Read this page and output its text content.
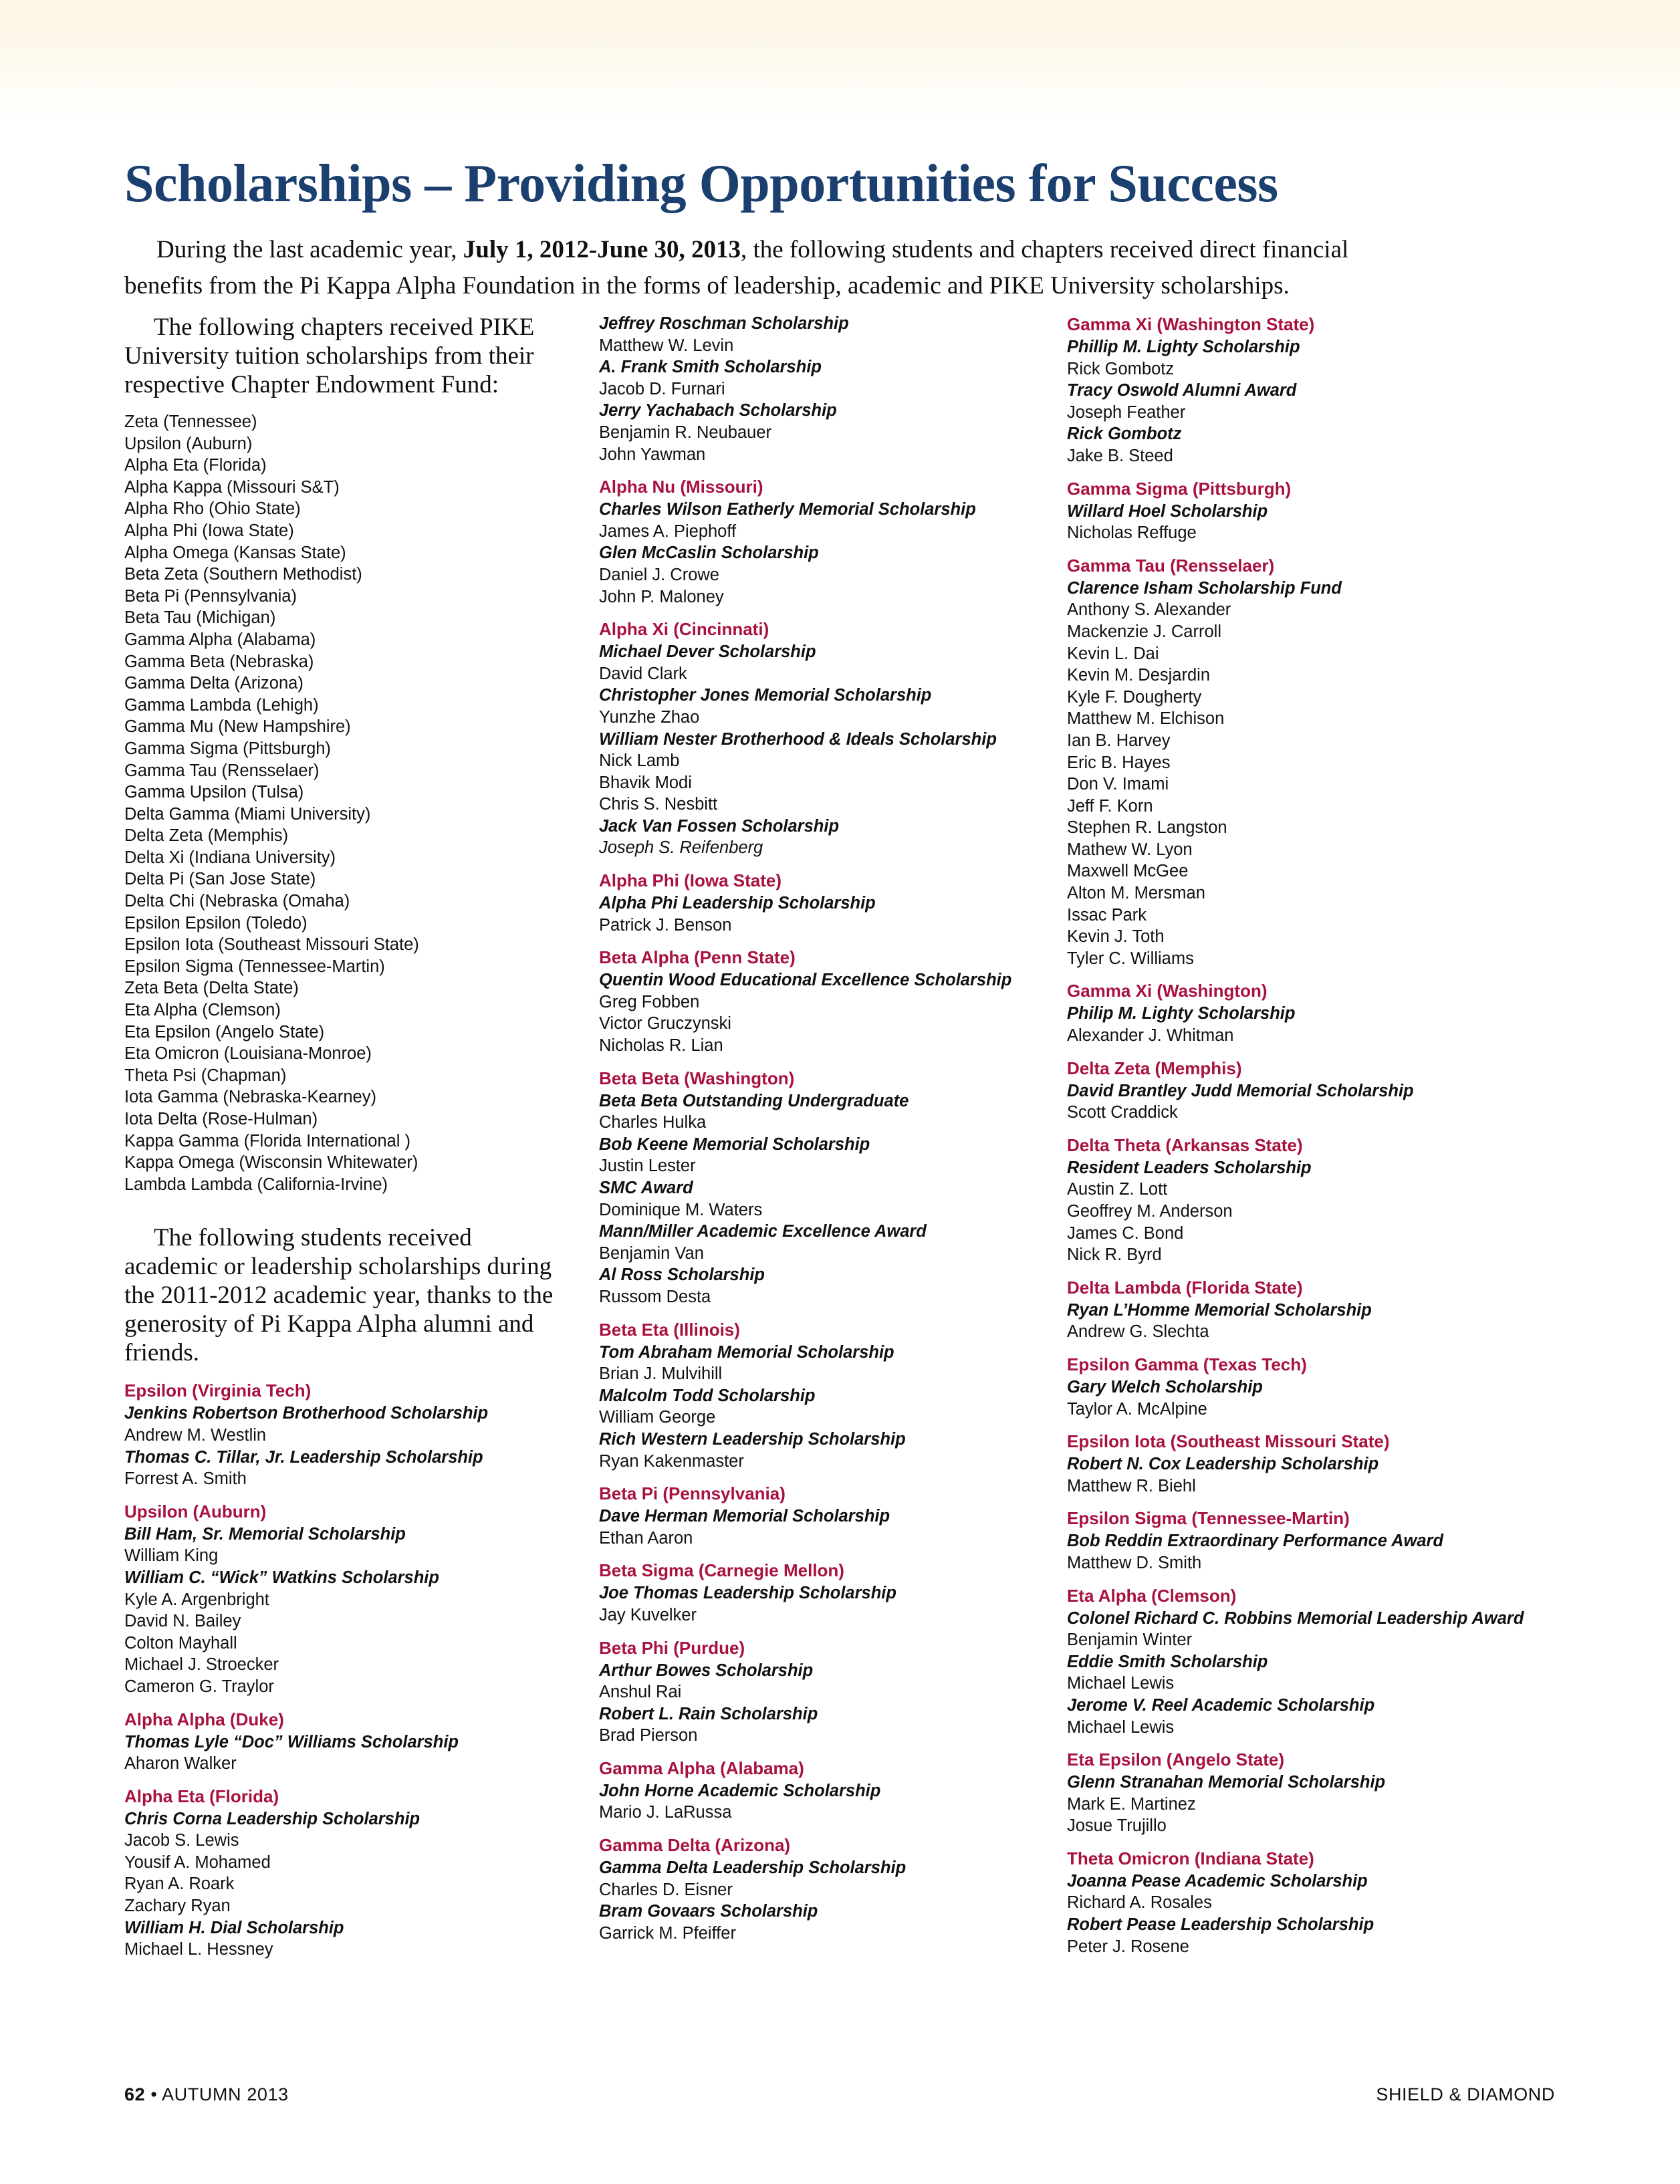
Scholarships – Providing Opportunities for Success

During the last academic year, July 1, 2012-June 30, 2013, the following students and chapters received direct financial benefits from the Pi Kappa Alpha Foundation in the forms of leadership, academic and PIKE University scholarships.

The following chapters received PIKE University tuition scholarships from their respective Chapter Endowment Fund:

Zeta (Tennessee)
Upsilon (Auburn)
Alpha Eta (Florida)
Alpha Kappa (Missouri S&T)
Alpha Rho (Ohio State)
Alpha Phi (Iowa State)
Alpha Omega (Kansas State)
Beta Zeta (Southern Methodist)
Beta Pi (Pennsylvania)
Beta Tau (Michigan)
Gamma Alpha (Alabama)
Gamma Beta (Nebraska)
Gamma Delta (Arizona)
Gamma Lambda (Lehigh)
Gamma Mu (New Hampshire)
Gamma Sigma (Pittsburgh)
Gamma Tau (Rensselaer)
Gamma Upsilon (Tulsa)
Delta Gamma (Miami University)
Delta Zeta (Memphis)
Delta Xi (Indiana University)
Delta Pi (San Jose State)
Delta Chi (Nebraska (Omaha)
Epsilon Epsilon (Toledo)
Epsilon Iota (Southeast Missouri State)
Epsilon Sigma (Tennessee-Martin)
Zeta Beta (Delta State)
Eta Alpha (Clemson)
Eta Epsilon (Angelo State)
Eta Omicron (Louisiana-Monroe)
Theta Psi (Chapman)
Iota Gamma (Nebraska-Kearney)
Iota Delta (Rose-Hulman)
Kappa Gamma (Florida International )
Kappa Omega (Wisconsin Whitewater)
Lambda Lambda (California-Irvine)

The following students received academic or leadership scholarships during the 2011-2012 academic year, thanks to the generosity of Pi Kappa Alpha alumni and friends.

Epsilon (Virginia Tech)
Jenkins Robertson Brotherhood Scholarship
Andrew M. Westlin
Thomas C. Tillar, Jr. Leadership Scholarship
Forrest A. Smith
Upsilon (Auburn)
Bill Ham, Sr. Memorial Scholarship
William King
William C. “Wick” Watkins Scholarship
Kyle A. Argenbright
David N. Bailey
Colton Mayhall
Michael J. Stroecker
Cameron G. Traylor
Alpha Alpha (Duke)
Thomas Lyle “Doc” Williams Scholarship
Aharon Walker
Alpha Eta (Florida)
Chris Corna Leadership Scholarship
Jacob S. Lewis
Yousif A. Mohamed
Ryan A. Roark
Zachary Ryan
William H. Dial Scholarship
Michael L. Hessney
Jeffrey Roschman Scholarship
Matthew W. Levin
A. Frank Smith Scholarship
Jacob D. Furnari
Jerry Yachabach Scholarship
Benjamin R. Neubauer
John Yawman
Alpha Nu (Missouri)
Charles Wilson Eatherly Memorial Scholarship
James A. Piephoff
Glen McCaslin Scholarship
Daniel J. Crowe
John P. Maloney
Alpha Xi (Cincinnati)
Michael Dever Scholarship
David Clark
Christopher Jones Memorial Scholarship
Yunzhe Zhao
William Nester Brotherhood & Ideals Scholarship
Nick Lamb
Bhavik Modi
Chris S. Nesbitt
Jack Van Fossen Scholarship
Joseph S. Reifenberg
Alpha Phi (Iowa State)
Alpha Phi Leadership Scholarship
Patrick J. Benson
Beta Alpha (Penn State)
Quentin Wood Educational Excellence Scholarship
Greg Fobben
Victor Gruczynski
Nicholas R. Lian
Beta Beta (Washington)
Beta Beta Outstanding Undergraduate
Charles Hulka
Bob Keene Memorial Scholarship
Justin Lester
SMC Award
Dominique M. Waters
Mann/Miller Academic Excellence Award
Benjamin Van
Al Ross Scholarship
Russom Desta
Beta Eta (Illinois)
Tom Abraham Memorial Scholarship
Brian J. Mulvihill
Malcolm Todd Scholarship
William George
Rich Western Leadership Scholarship
Ryan Kakenmaster
Beta Pi (Pennsylvania)
Dave Herman Memorial Scholarship
Ethan Aaron
Beta Sigma (Carnegie Mellon)
Joe Thomas Leadership Scholarship
Jay Kuvelker
Beta Phi (Purdue)
Arthur Bowes Scholarship
Anshul Rai
Robert L. Rain Scholarship
Brad Pierson
Gamma Alpha (Alabama)
John Horne Academic Scholarship
Mario J. LaRussa
Gamma Delta (Arizona)
Gamma Delta Leadership Scholarship
Charles D. Eisner
Bram Govaars Scholarship
Garrick M. Pfeiffer
Gamma Xi (Washington State)
Phillip M. Lighty Scholarship
Rick Gombotz
Tracy Oswold Alumni Award
Joseph Feather
Rick Gombotz
Jake B. Steed
Gamma Sigma (Pittsburgh)
Willard Hoel Scholarship
Nicholas Reffuge
Gamma Tau (Rensselaer)
Clarence Isham Scholarship Fund
Anthony S. Alexander
Mackenzie J. Carroll
Kevin L. Dai
Kevin M. Desjardin
Kyle F. Dougherty
Matthew M. Elchison
Ian B. Harvey
Eric B. Hayes
Don V. Imami
Jeff F. Korn
Stephen R. Langston
Mathew W. Lyon
Maxwell McGee
Alton M. Mersman
Issac Park
Kevin J. Toth
Tyler C. Williams
Gamma Xi (Washington)
Philip M. Lighty Scholarship
Alexander J. Whitman
Delta Zeta (Memphis)
David Brantley Judd Memorial Scholarship
Scott Craddick
Delta Theta (Arkansas State)
Resident Leaders Scholarship
Austin Z. Lott
Geoffrey M. Anderson
James C. Bond
Nick R. Byrd
Delta Lambda (Florida State)
Ryan L’Homme Memorial Scholarship
Andrew G. Slechta
Epsilon Gamma (Texas Tech)
Gary Welch Scholarship
Taylor A. McAlpine
Epsilon Iota (Southeast Missouri State)
Robert N. Cox Leadership Scholarship
Matthew R. Biehl
Epsilon Sigma (Tennessee-Martin)
Bob Reddin Extraordinary Performance Award
Matthew D. Smith
Eta Alpha (Clemson)
Colonel Richard C. Robbins Memorial Leadership Award
Benjamin Winter
Eddie Smith Scholarship
Michael Lewis
Jerome V. Reel Academic Scholarship
Michael Lewis
Eta Epsilon (Angelo State)
Glenn Stranahan Memorial Scholarship
Mark E. Martinez
Josue Trujillo
Theta Omicron (Indiana State)
Joanna Pease Academic Scholarship
Richard A. Rosales
Robert Pease Leadership Scholarship
Peter J. Rosene
62 • AUTUMN 2013	SHIELD & DIAMOND
